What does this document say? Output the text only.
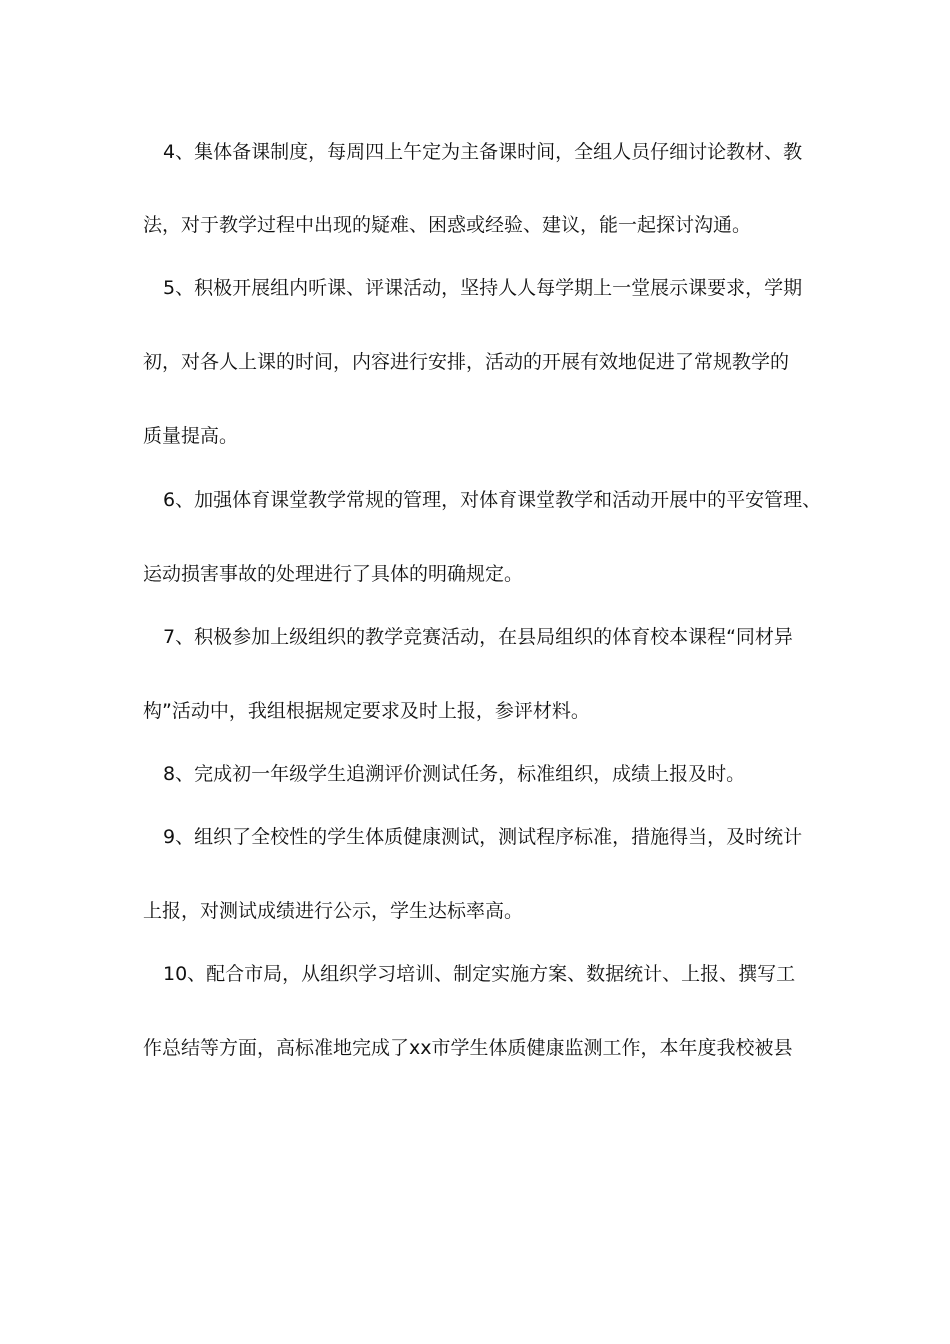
4、集体备课制度，每周四上午定为主备课时间，全组人员仔细讨论教材、教
法，对于教学过程中出现的疑难、困惑或经验、建议，能一起探讨沟通。
5、积极开展组内听课、评课活动，坚持人人每学期上一堂展示课要求，学期
初，对各人上课的时间，内容进行安排，活动的开展有效地促进了常规教学的
质量提高。
6、加强体育课堂教学常规的管理，对体育课堂教学和活动开展中的平安管理、
运动损害事故的处理进行了具体的明确规定。
7、积极参加上级组织的教学竞赛活动，在县局组织的体育校本课程“同材异
构”活动中，我组根据规定要求及时上报，参评材料。
8、完成初一年级学生追溯评价测试任务，标准组织，成绩上报及时。
9、组织了全校性的学生体质健康测试，测试程序标准，措施得当，及时统计
上报，对测试成绩进行公示，学生达标率高。
10、配合市局，从组织学习培训、制定实施方案、数据统计、上报、撰写工
作总结等方面，高标准地完成了xx市学生体质健康监测工作，本年度我校被县
